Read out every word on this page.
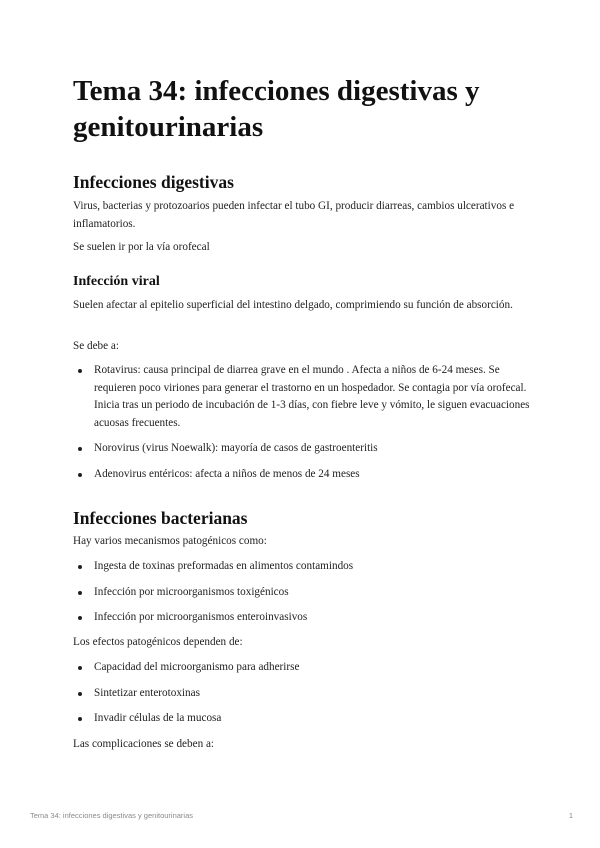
Tema 34: infecciones digestivas y genitourinarias
Infecciones digestivas

Virus, bacterias y protozoarios pueden infectar el tubo GI, producir diarreas, cambios ulcerativos e inflamatorios.

Se suelen ir por la vía orofecal

Infección viral

Suelen afectar al epitelio superficial del intestino delgado, comprimiendo su función de absorción.

Se debe a:

Rotavirus: causa principal de diarrea grave en el mundo . Afecta a niños de 6-24 meses. Se requieren poco viriones para generar el trastorno en un hospedador. Se contagia por vía orofecal. Inicia tras un periodo de incubación de 1-3 días, con fiebre leve y vómito, le siguen evacuaciones acuosas frecuentes.
Norovirus (virus Noewalk): mayoría de casos de gastroenteritis
Adenovirus entéricos: afecta a niños de menos de 24 meses
Infecciones bacterianas

Hay varios mecanismos patogénicos como:

Ingesta de toxinas preformadas en alimentos contamindos
Infección por microorganismos toxigénicos
Infección por microorganismos enteroinvasivos

Los efectos patogénicos dependen de:

Capacidad del microorganismo para adherirse
Sintetizar enterotoxinas
Invadir células de la mucosa

Las complicaciones se deben a:

Tema 34: infecciones digestivas y genitourinarias	1
